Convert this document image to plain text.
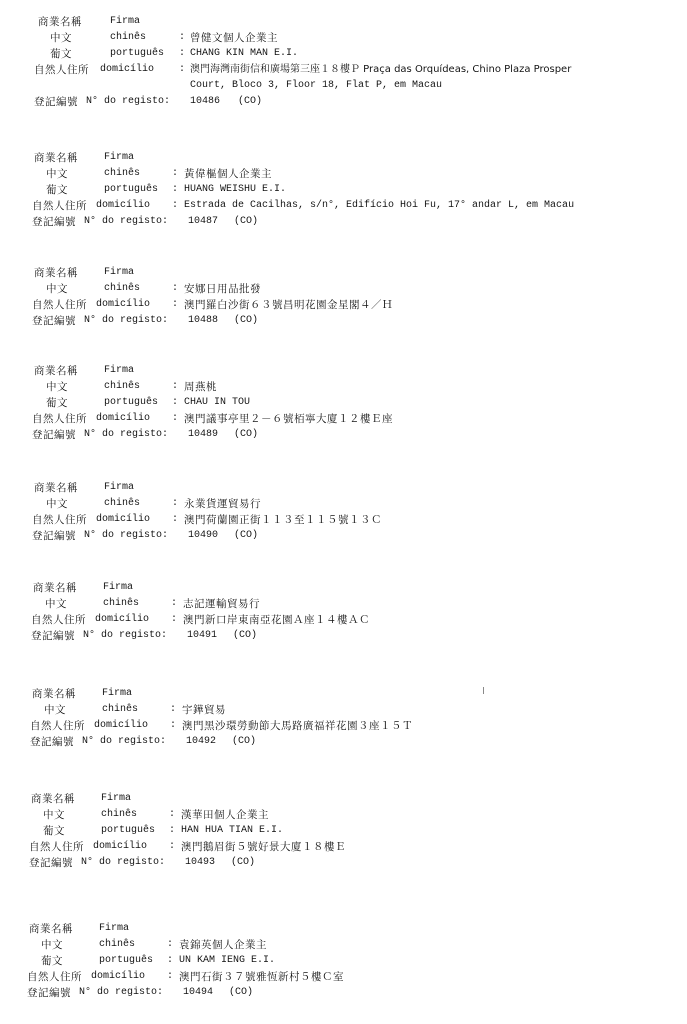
商業名稱	Firma
中文	chinês	: 曾健文個人企業主
葡文	português : CHANG KIN MAN E.I.
自然人住所 domicílio : 澳門海灣南街信和廣場第三座１８樓Ｐ Praça das Orquídeas, Chino Plaza Prosper
Court, Bloco 3, Floor 18, Flat P, em Macau
登記編號 N° do registo: 10486 (CO)
商業名稱	Firma
中文	chinês	: 黃偉樞個人企業主
葡文	português : HUANG WEISHU E.I.
自然人住所 domicílio : Estrada de Cacilhas, s/n°, Edifício Hoi Fu, 17° andar L, em Macau
登記編號 N° do registo: 10487 (CO)
商業名稱	Firma
中文	chinês	: 安娜日用品批發
自然人住所 domicílio : 澳門羅白沙街６３號昌明花園金星閣４／Ｈ
登記編號 N° do registo: 10488 (CO)
商業名稱	Firma
中文	chinês	: 周燕桃
葡文	português : CHAU IN TOU
自然人住所 domicílio : 澳門議事亭里２－６號栢寧大廈１２樓Ｅ座
登記編號 N° do registo: 10489 (CO)
商業名稱	Firma
中文	chinês	: 永業貨運貿易行
自然人住所 domicílio : 澳門荷蘭園正街１１３至１１５號１３Ｃ
登記編號 N° do registo: 10490 (CO)
商業名稱	Firma
中文	chinês	: 志記運輸貿易行
自然人住所 domicílio : 澳門新口岸東南亞花園Ａ座１４樓ＡＣ
登記編號 N° do registo: 10491 (CO)
商業名稱	Firma
中文	chinês	: 宇鏵貿易
自然人住所 domicílio : 澳門黑沙環勞動節大馬路廣福祥花園３座１５Ｔ
登記編號 N° do registo: 10492 (CO)
商業名稱	Firma
中文	chinês	: 漢華田個人企業主
葡文	português : HAN HUA TIAN E.I.
自然人住所 domicílio : 澳門鵝眉街５號好景大廈１８樓Ｅ
登記編號 N° do registo: 10493 (CO)
商業名稱	Firma
中文	chinês	: 袁錦英個人企業主
葡文	português : UN KAM IENG E.I.
自然人住所 domicílio : 澳門石街３７號雅恆新村５樓Ｃ室
登記編號 N° do registo: 10494 (CO)
